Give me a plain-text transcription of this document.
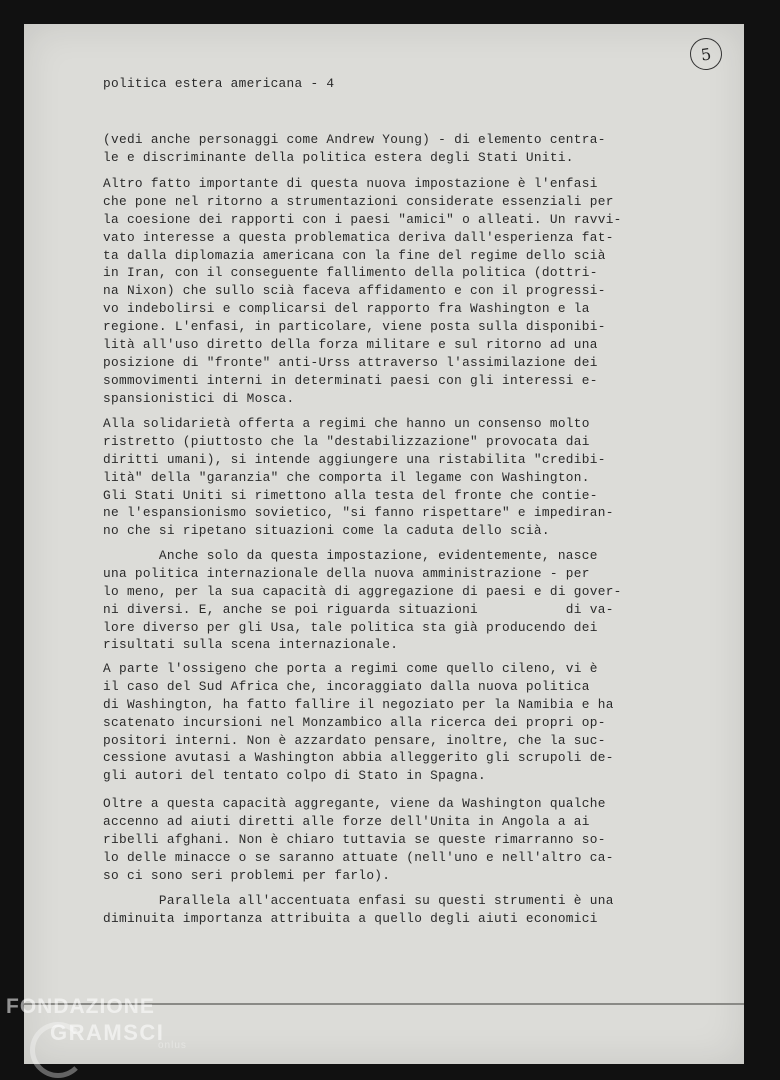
5
politica estera americana - 4
(vedi anche personaggi come Andrew Young) - di elemento centra-
le e discriminante della politica estera degli Stati Uniti.
Altro fatto importante di questa nuova impostazione è l'enfasi
che pone nel ritorno a strumentazioni considerate essenziali per
la coesione dei rapporti con i paesi "amici" o alleati. Un ravvi-
vato interesse a questa problematica deriva dall'esperienza fat-
ta dalla diplomazia americana con la fine del regime dello scià
in Iran, con il conseguente fallimento della politica (dottri-
na Nixon) che sullo scià faceva affidamento e con il progressi-
vo indebolirsi e complicarsi del rapporto fra Washington e la
regione. L'enfasi, in particolare, viene posta sulla disponibi-
lità all'uso diretto della forza militare e sul ritorno ad una
posizione di "fronte" anti-Urss attraverso l'assimilazione dei
sommovimenti interni in determinati paesi con gli interessi e-
spansionistici di Mosca.
Alla solidarietà offerta a regimi che hanno un consenso molto
ristretto (piuttosto che la "destabilizzazione" provocata dai
diritti umani), si intende aggiungere una ristabilita "credibi-
lità" della "garanzia" che comporta il legame con Washington.
Gli Stati Uniti si rimettono alla testa del fronte che contie-
ne l'espansionismo sovietico, "si fanno rispettare" e impediran-
no che si ripetano situazioni come la caduta dello scià.
Anche solo da questa impostazione, evidentemente, nasce
una politica internazionale della nuova amministrazione - per
lo meno, per la sua capacità di aggregazione di paesi e di gover-
ni diversi. E, anche se poi riguarda situazioni           di va-
lore diverso per gli Usa, tale politica sta già producendo dei
risultati sulla scena internazionale.
A parte l'ossigeno che porta a regimi come quello cileno, vi è
il caso del Sud Africa che, incoraggiato dalla nuova politica
di Washington, ha fatto fallire il negoziato per la Namibia e ha
scatenato incursioni nel Monzambico alla ricerca dei propri op-
positori interni. Non è azzardato pensare, inoltre, che la suc-
cessione avutasi a Washington abbia alleggerito gli scrupoli de-
gli autori del tentato colpo di Stato in Spagna.
Oltre a questa capacità aggregante, viene da Washington qualche
accenno ad aiuti diretti alle forze dell'Unita in Angola a ai
ribelli afghani. Non è chiaro tuttavia se queste rimarranno so-
lo delle minacce o se saranno attuate (nell'uno e nell'altro ca-
so ci sono seri problemi per farlo).
Parallela all'accentuata enfasi su questi strumenti è una
diminuita importanza attribuita a quello degli aiuti economici
FONDAZIONE
GRAMSCI
onlus
